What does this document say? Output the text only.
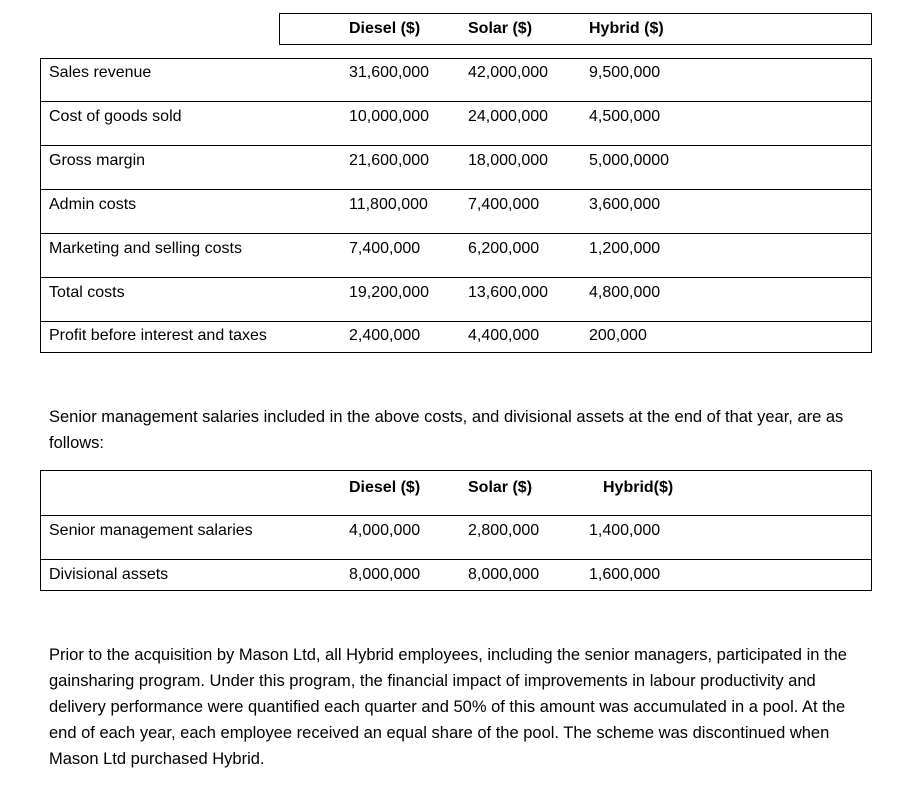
Diesel ($)	Solar ($)	Hybrid ($)
Sales revenue	31,600,000 42,000,000	9,500,000
Cost of goods sold	10,000,000 24,000,000	4,500,000
Gross margin	21,600,000 18,000,000	5,000,0000
Admin costs	11,800,000	7,400,000	3,600,000
Marketing and selling costs	7,400,000	6,200,000	1,200,000
Total costs	19,200,000 13,600,000	4,800,000
Profit before interest and taxes	2,400,000	4,400,000	200,000
Senior management salaries included in the above costs, and divisional assets at the end of that year, are as follows:
Diesel ($)	Solar ($)	Hybrid($)
Senior management salaries	4,000,000	2,800,000	1,400,000
Divisional assets	8,000,000	8,000,000	1,600,000
Prior to the acquisition by Mason Ltd, all Hybrid employees, including the senior managers, participated in the gainsharing program. Under this program, the financial impact of improvements in labour productivity and delivery performance were quantified each quarter and 50% of this amount was accumulated in a pool. At the end of each year, each employee received an equal share of the pool. The scheme was discontinued when Mason Ltd purchased Hybrid.
